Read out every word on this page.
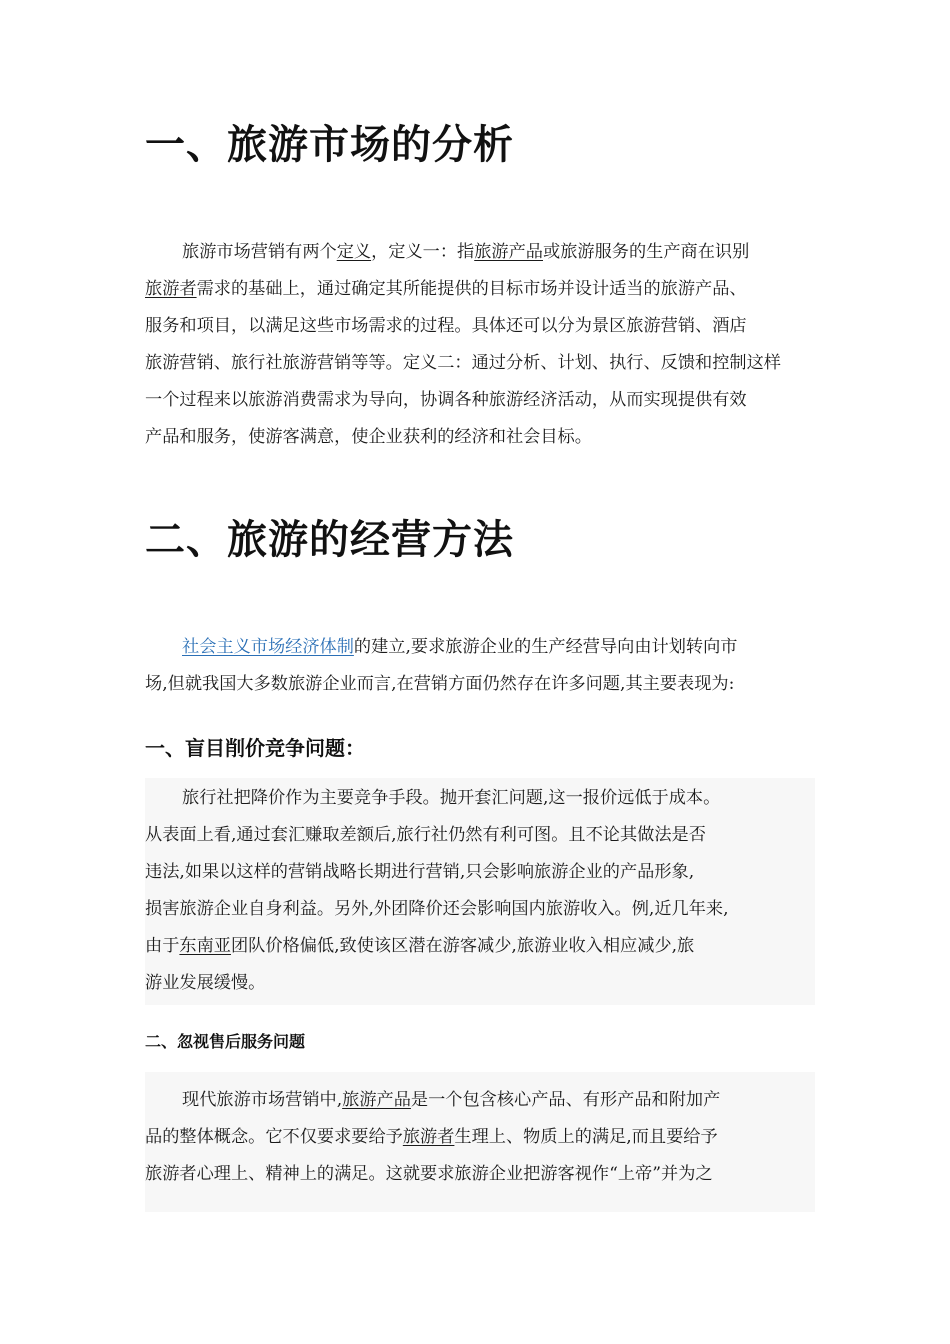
一、旅游市场的分析
旅游市场营销有两个定义，定义一：指旅游产品或旅游服务的生产商在识别
旅游者需求的基础上，通过确定其所能提供的目标市场并设计适当的旅游产品、
服务和项目，以满足这些市场需求的过程。具体还可以分为景区旅游营销、酒店
旅游营销、旅行社旅游营销等等。定义二：通过分析、计划、执行、反馈和控制这样
一个过程来以旅游消费需求为导向，协调各种旅游经济活动，从而实现提供有效
产品和服务，使游客满意，使企业获利的经济和社会目标。
二、旅游的经营方法
社会主义市场经济体制的建立,要求旅游企业的生产经营导向由计划转向市
场,但就我国大多数旅游企业而言,在营销方面仍然存在许多问题,其主要表现为:
一、盲目削价竞争问题：
旅行社把降价作为主要竞争手段。抛开套汇问题,这一报价远低于成本。
从表面上看,通过套汇赚取差额后,旅行社仍然有利可图。且不论其做法是否
违法,如果以这样的营销战略长期进行营销,只会影响旅游企业的产品形象,
损害旅游企业自身利益。另外,外团降价还会影响国内旅游收入。例,近几年来,
由于东南亚团队价格偏低,致使该区潜在游客减少,旅游业收入相应减少,旅
游业发展缓慢。
二、忽视售后服务问题
现代旅游市场营销中,旅游产品是一个包含核心产品、有形产品和附加产
品的整体概念。它不仅要求要给予旅游者生理上、物质上的满足,而且要给予
旅游者心理上、精神上的满足。这就要求旅游企业把游客视作“上帝”并为之
